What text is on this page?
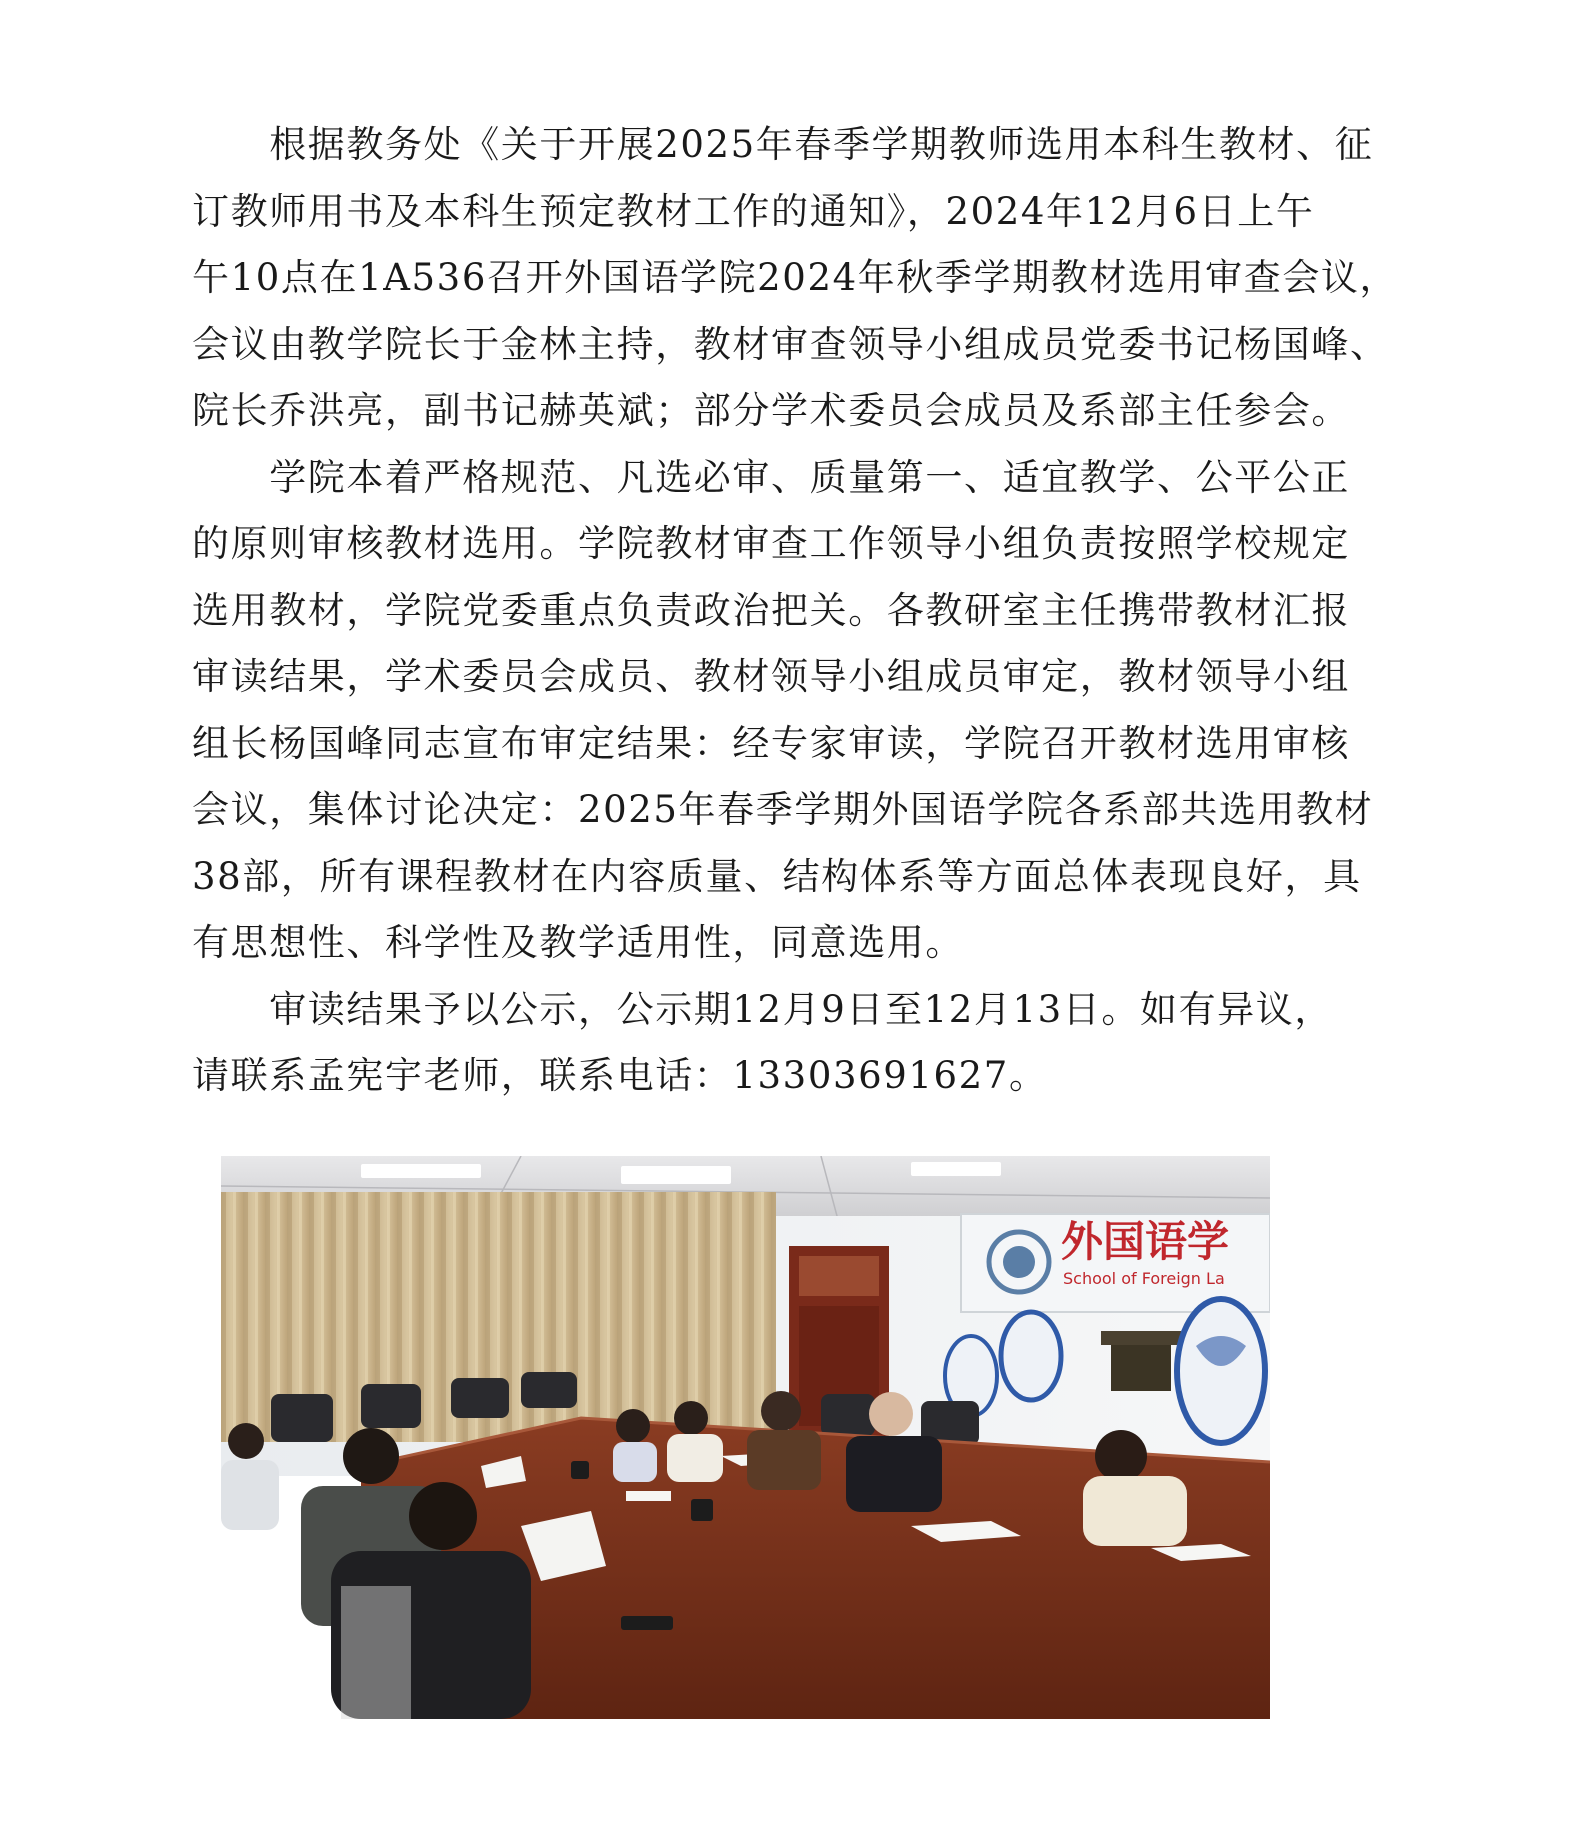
　　根据教务处《关于开展2025年春季学期教师选用本科生教材、征
订教师用书及本科生预定教材工作的通知》，2024年12月6日上午
午10点在1A536召开外国语学院2024年秋季学期教材选用审查会议，
会议由教学院长于金林主持，教材审查领导小组成员党委书记杨国峰、
院长乔洪亮，副书记赫英斌；部分学术委员会成员及系部主任参会。
　　学院本着严格规范、凡选必审、质量第一、适宜教学、公平公正
的原则审核教材选用。学院教材审查工作领导小组负责按照学校规定
选用教材，学院党委重点负责政治把关。各教研室主任携带教材汇报
审读结果，学术委员会成员、教材领导小组成员审定，教材领导小组
组长杨国峰同志宣布审定结果：经专家审读，学院召开教材选用审核
会议，集体讨论决定：2025年春季学期外国语学院各系部共选用教材
38部，所有课程教材在内容质量、结构体系等方面总体表现良好，具
有思想性、科学性及教学适用性，同意选用。
　　审读结果予以公示，公示期12月9日至12月13日。如有异议，
请联系孟宪宇老师，联系电话：13303691627。
外国语学
School of Foreign La
